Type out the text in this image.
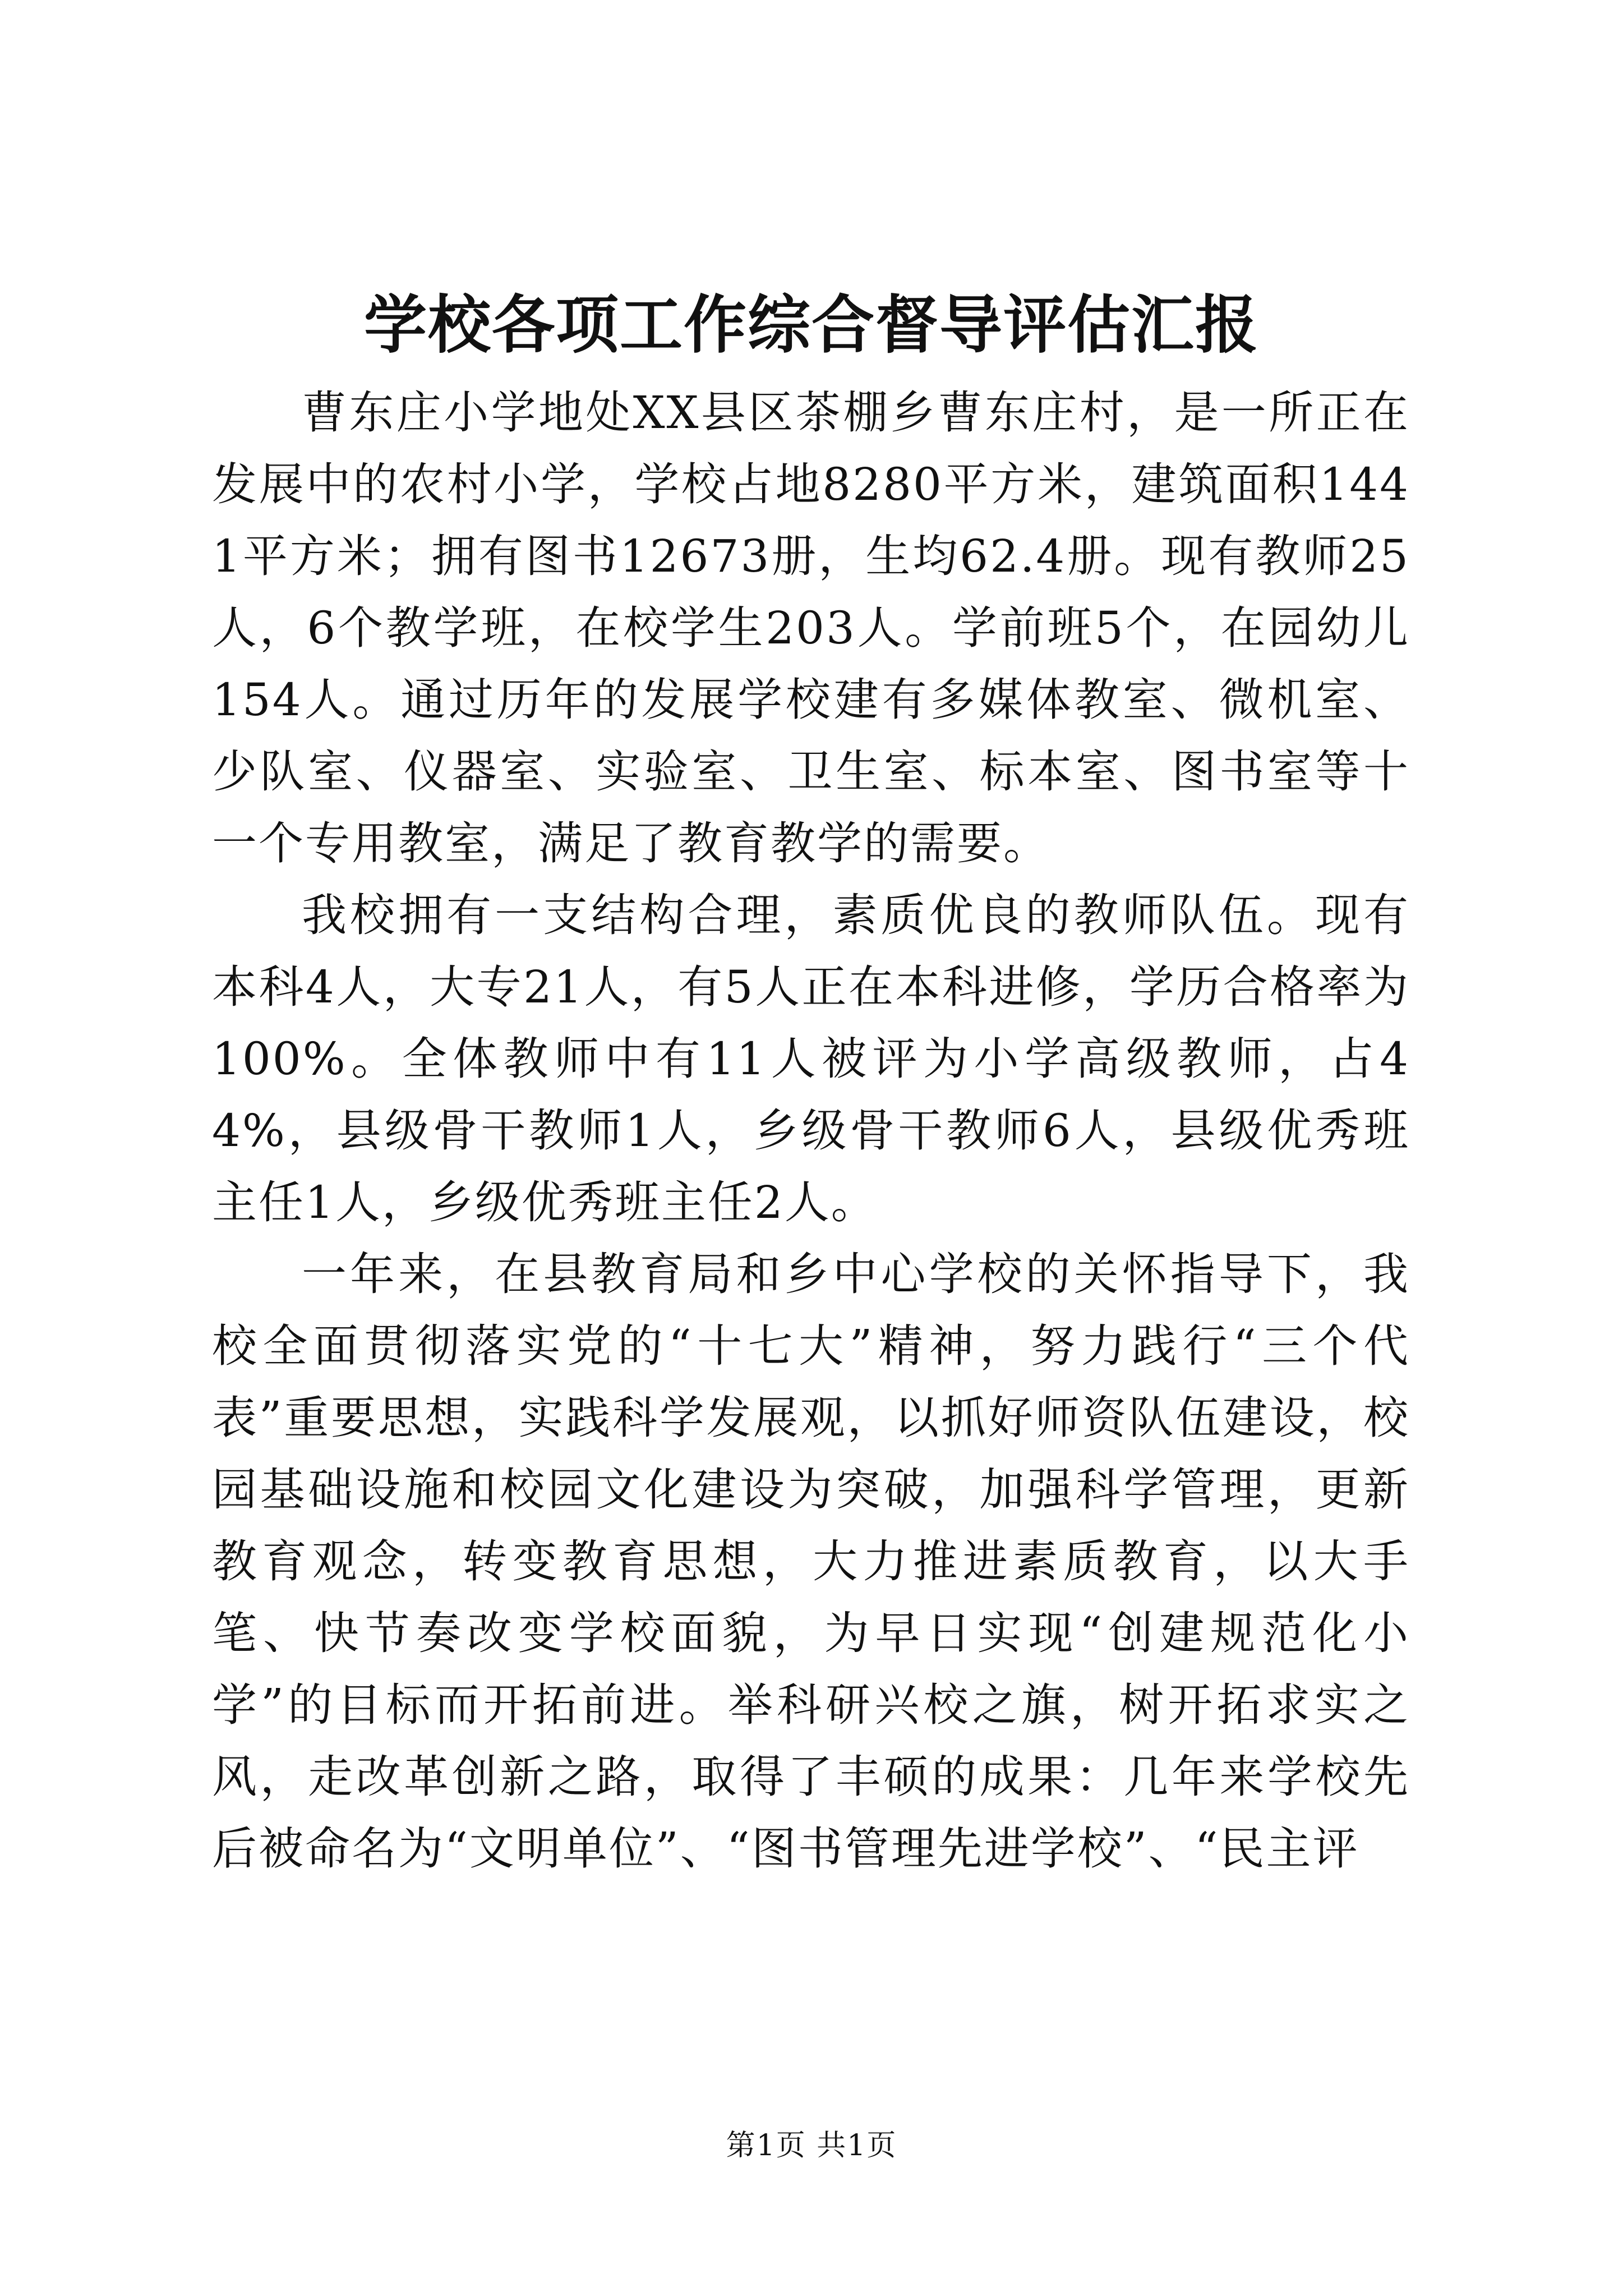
学校各项工作综合督导评估汇报

曹东庄小学地处XX县区茶棚乡曹东庄村，是一所正在发展中的农村小学，学校占地8280平方米，建筑面积1441平方米；拥有图书12673册，生均62.4册。现有教师25人，6个教学班，在校学生203人。学前班5个，在园幼儿154人。通过历年的发展学校建有多媒体教室、微机室、少队室、仪器室、实验室、卫生室、标本室、图书室等十一个专用教室，满足了教育教学的需要。

我校拥有一支结构合理，素质优良的教师队伍。现有本科4人，大专21人，有5人正在本科进修，学历合格率为100%。全体教师中有11人被评为小学高级教师，占44%，县级骨干教师1人，乡级骨干教师6人，县级优秀班主任1人，乡级优秀班主任2人。

一年来，在县教育局和乡中心学校的关怀指导下，我校全面贯彻落实党的“十七大”精神，努力践行“三个代表”重要思想，实践科学发展观，以抓好师资队伍建设，校园基础设施和校园文化建设为突破，加强科学管理，更新教育观念，转变教育思想，大力推进素质教育，以大手笔、快节奏改变学校面貌，为早日实现“创建规范化小学”的目标而开拓前进。举科研兴校之旗，树开拓求实之风，走改革创新之路，取得了丰硕的成果：几年来学校先后被命名为“文明单位”、“图书管理先进学校”、“民主评

第1页 共1页
